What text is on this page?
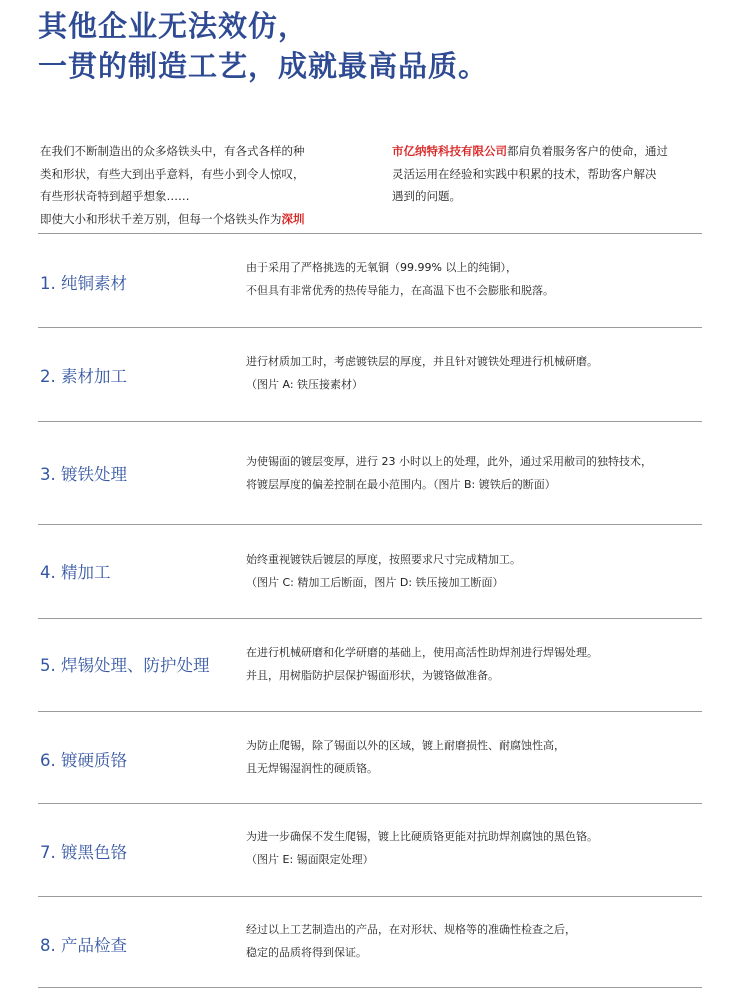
其他企业无法效仿，
一贯的制造工艺，成就最高品质。
在我们不断制造出的众多烙铁头中，有各式各样的种
类和形状，有些大到出乎意料，有些小到令人惊叹，
有些形状奇特到超乎想象……
即使大小和形状千差万别，但每一个烙铁头作为深圳
市亿纳特科技有限公司都肩负着服务客户的使命，通过
灵活运用在经验和实践中积累的技术，帮助客户解决
遇到的问题。
1. 纯铜素材
由于采用了严格挑选的无氧铜（99.99% 以上的纯铜），
不但具有非常优秀的热传导能力，在高温下也不会膨胀和脱落。
2. 素材加工
进行材质加工时，考虑镀铁层的厚度，并且针对镀铁处理进行机械研磨。
（图片 A: 铁压接素材）
3. 镀铁处理
为使锡面的镀层变厚，进行 23 小时以上的处理，此外，通过采用敝司的独特技术，
将镀层厚度的偏差控制在最小范围内。（图片 B: 镀铁后的断面）
4. 精加工
始终重视镀铁后镀层的厚度，按照要求尺寸完成精加工。
（图片 C: 精加工后断面，图片 D: 铁压接加工断面）
5. 焊锡处理、防护处理
在进行机械研磨和化学研磨的基础上，使用高活性助焊剂进行焊锡处理。
并且，用树脂防护层保护锡面形状，为镀铬做准备。
6. 镀硬质铬
为防止爬锡，除了锡面以外的区域，镀上耐磨损性、耐腐蚀性高，
且无焊锡湿润性的硬质铬。
7. 镀黑色铬
为进一步确保不发生爬锡，镀上比硬质铬更能对抗助焊剂腐蚀的黑色铬。
（图片 E: 锡面限定处理）
8. 产品检查
经过以上工艺制造出的产品，在对形状、规格等的准确性检查之后，
稳定的品质将得到保证。
